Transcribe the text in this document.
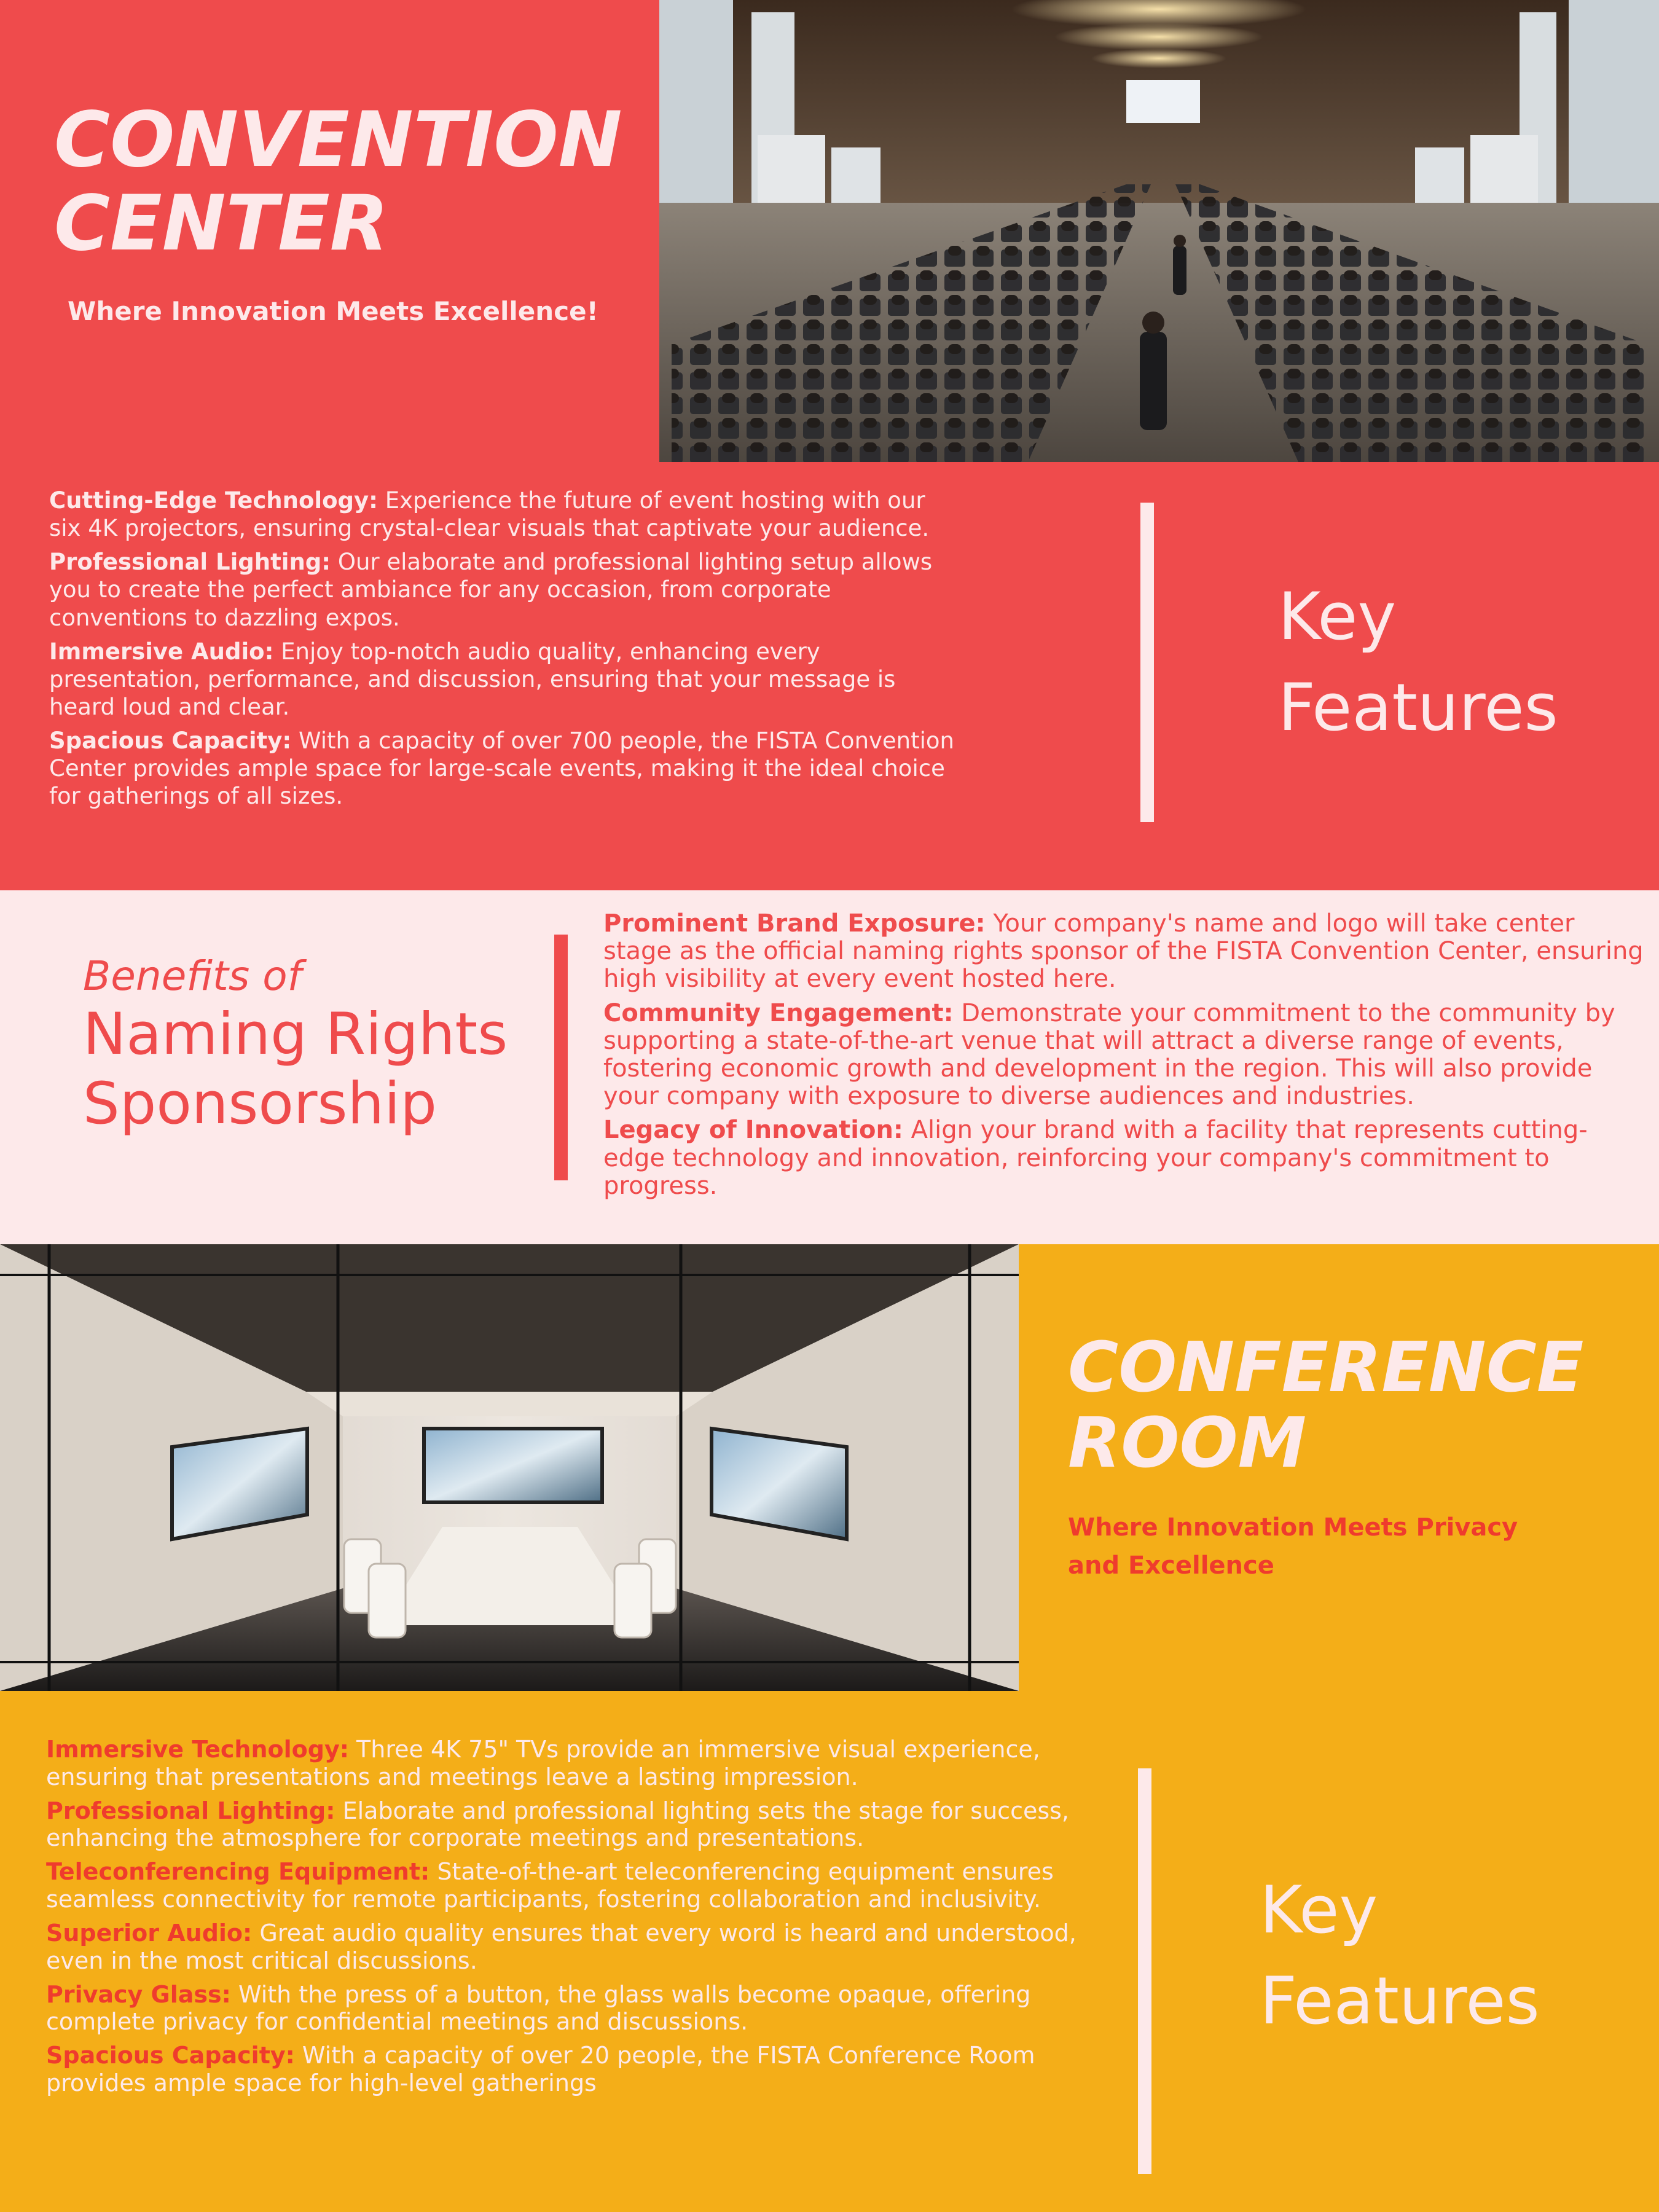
CONVENTION

CENTER

Where Innovation Meets Excellence!

Cutting-Edge Technology: Experience the future of event hosting with our six 4K projectors, ensuring crystal-clear visuals that captivate your audience.

Professional Lighting: Our elaborate and professional lighting setup allows you to create the perfect ambiance for any occasion, from corporate conventions to dazzling expos.

Immersive Audio: Enjoy top-notch audio quality, enhancing every presentation, performance, and discussion, ensuring that your message is heard loud and clear.

Spacious Capacity: With a capacity of over 700 people, the FISTA Convention Center provides ample space for large-scale events, making it the ideal choice for gatherings of all sizes.

Key

Features

Benefits of

Naming Rights

Sponsorship

Prominent Brand Exposure: Your company's name and logo will take center stage as the official naming rights sponsor of the FISTA Convention Center, ensuring high visibility at every event hosted here.

Community Engagement: Demonstrate your commitment to the community by supporting a state-of-the-art venue that will attract a diverse range of events, fostering economic growth and development in the region. This will also provide your company with exposure to diverse audiences and industries.

Legacy of Innovation: Align your brand with a facility that represents cutting-edge technology and innovation, reinforcing your company's commitment to progress.

CONFERENCE

ROOM

Where Innovation Meets Privacy

and Excellence

Immersive Technology: Three 4K 75" TVs provide an immersive visual experience, ensuring that presentations and meetings leave a lasting impression.

Professional Lighting: Elaborate and professional lighting sets the stage for success, enhancing the atmosphere for corporate meetings and presentations.

Teleconferencing Equipment: State-of-the-art teleconferencing equipment ensures seamless connectivity for remote participants, fostering collaboration and inclusivity.

Superior Audio: Great audio quality ensures that every word is heard and understood, even in the most critical discussions.

Privacy Glass: With the press of a button, the glass walls become opaque, offering complete privacy for confidential meetings and discussions.

Spacious Capacity: With a capacity of over 20 people, the FISTA Conference Room provides ample space for high-level gatherings

Key

Features
